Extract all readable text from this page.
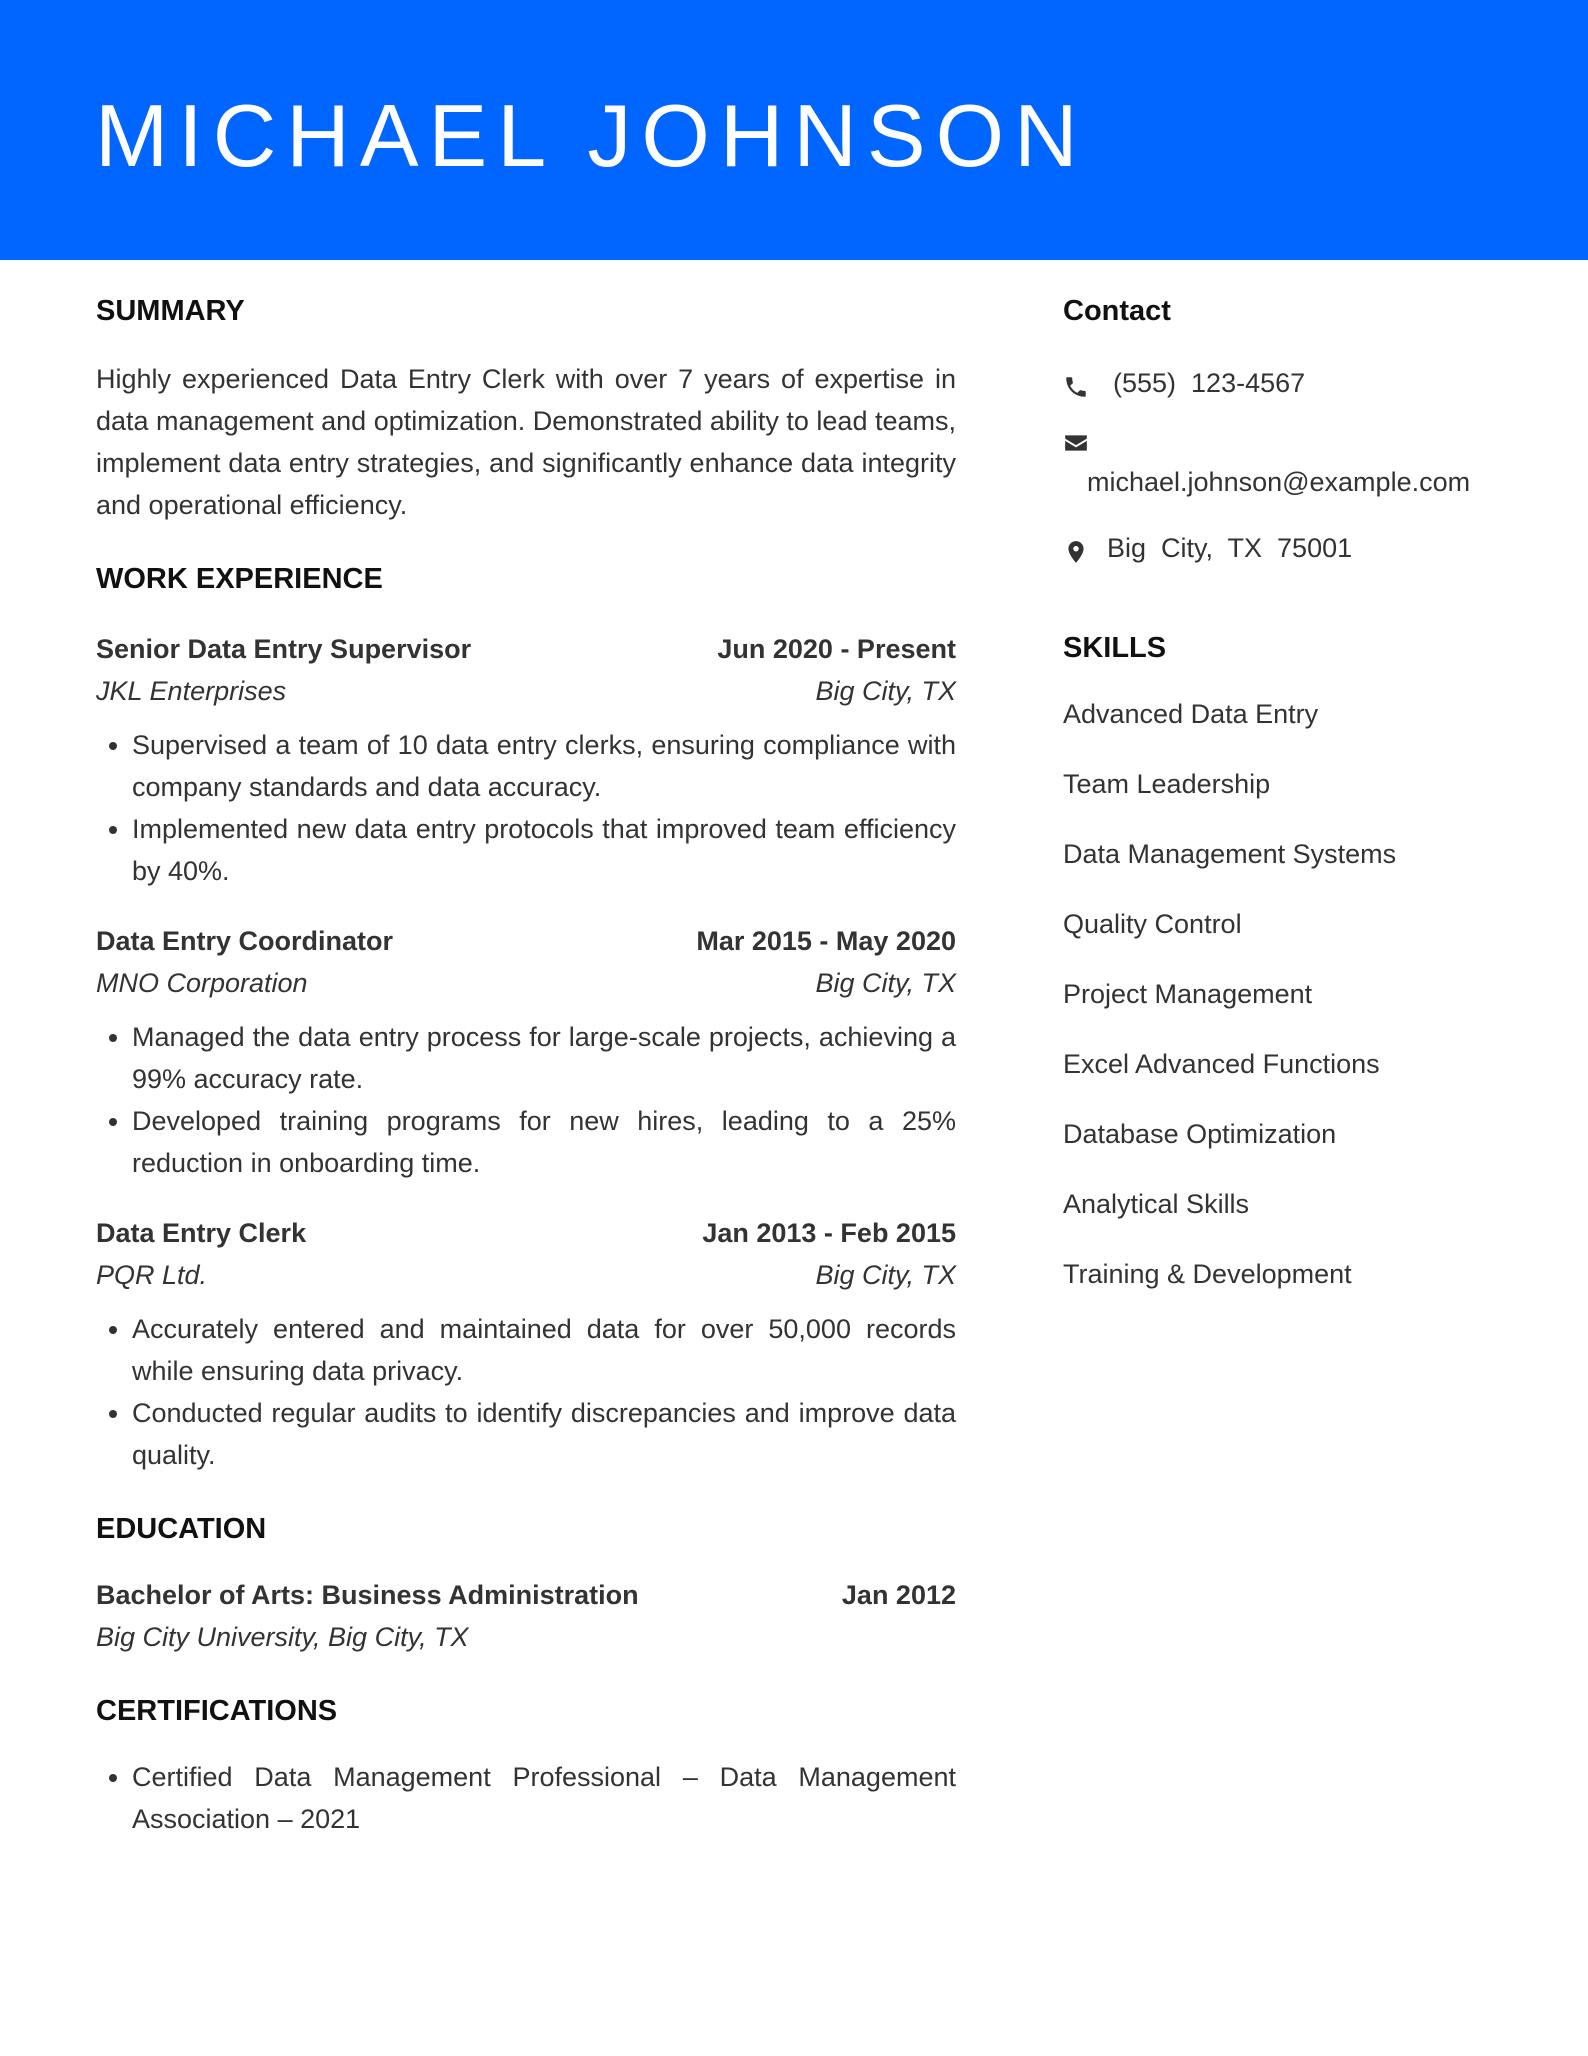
MICHAEL JOHNSON
SUMMARY

Highly experienced Data Entry Clerk with over 7 years of expertise in data management and optimization. Demonstrated ability to lead teams, implement data entry strategies, and significantly enhance data integrity and operational efficiency.

WORK EXPERIENCE
Senior Data Entry Supervisor	Jun 2020 - Present
JKL Enterprises	Big City, TX
• Supervised a team of 10 data entry clerks, ensuring compliance with company standards and data accuracy.
• Implemented new data entry protocols that improved team efficiency by 40%.
Data Entry Coordinator	Mar 2015 - May 2020
MNO Corporation	Big City, TX
• Managed the data entry process for large-scale projects, achieving a 99% accuracy rate.
• Developed training programs for new hires, leading to a 25% reduction in onboarding time.
Data Entry Clerk	Jan 2013 - Feb 2015
PQR Ltd.	Big City, TX
• Accurately entered and maintained data for over 50,000 records while ensuring data privacy.
• Conducted regular audits to identify discrepancies and improve data quality.
EDUCATION
Bachelor of Arts: Business Administration	Jan 2012
Big City University, Big City, TX
CERTIFICATIONS
• Certified Data Management Professional – Data Management Association – 2021
Contact
(555)  123-4567
michael.johnson@example.com
Big  City,  TX  75001
SKILLS
Advanced Data Entry
Team Leadership
Data Management Systems
Quality Control
Project Management
Excel Advanced Functions
Database Optimization
Analytical Skills
Training & Development
